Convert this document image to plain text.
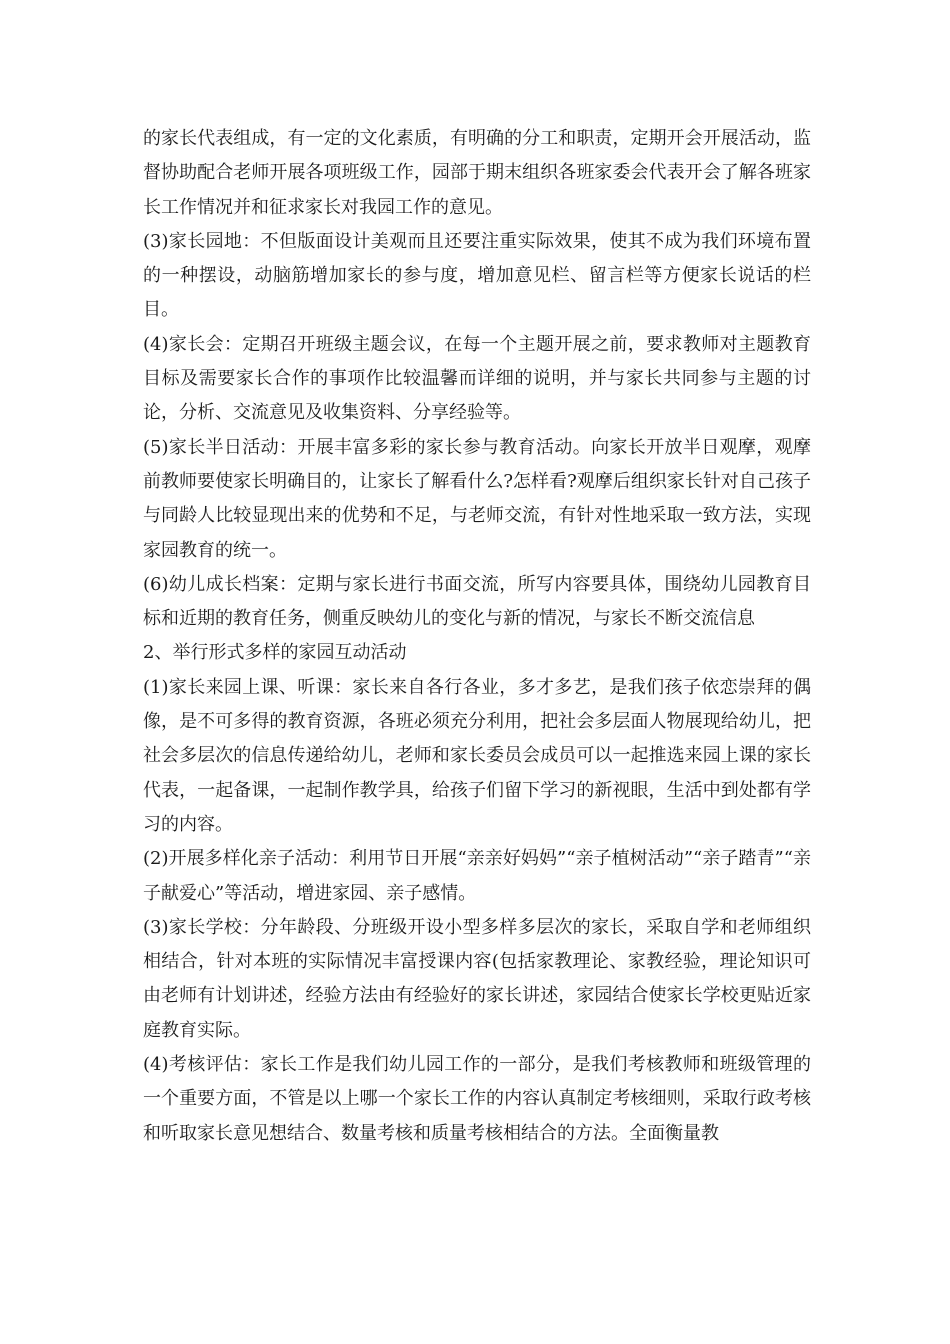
的家长代表组成，有一定的文化素质，有明确的分工和职责，定期开会开展活动，监督协助配合老师开展各项班级工作，园部于期末组织各班家委会代表开会了解各班家长工作情况并和征求家长对我园工作的意见。

(3)家长园地：不但版面设计美观而且还要注重实际效果，使其不成为我们环境布置的一种摆设，动脑筋增加家长的参与度，增加意见栏、留言栏等方便家长说话的栏目。

(4)家长会：定期召开班级主题会议，在每一个主题开展之前，要求教师对主题教育目标及需要家长合作的事项作比较温馨而详细的说明，并与家长共同参与主题的讨论，分析、交流意见及收集资料、分享经验等。

(5)家长半日活动：开展丰富多彩的家长参与教育活动。向家长开放半日观摩，观摩前教师要使家长明确目的，让家长了解看什么?怎样看?观摩后组织家长针对自己孩子与同龄人比较显现出来的优势和不足，与老师交流，有针对性地采取一致方法，实现家园教育的统一。

(6)幼儿成长档案：定期与家长进行书面交流，所写内容要具体，围绕幼儿园教育目标和近期的教育任务，侧重反映幼儿的变化与新的情况，与家长不断交流信息

2、举行形式多样的家园互动活动

(1)家长来园上课、听课：家长来自各行各业，多才多艺，是我们孩子依恋崇拜的偶像，是不可多得的教育资源，各班必须充分利用，把社会多层面人物展现给幼儿，把社会多层次的信息传递给幼儿，老师和家长委员会成员可以一起推选来园上课的家长代表，一起备课，一起制作教学具，给孩子们留下学习的新视眼，生活中到处都有学习的内容。

(2)开展多样化亲子活动：利用节日开展“亲亲好妈妈”“亲子植树活动”“亲子踏青”“亲子献爱心”等活动，增进家园、亲子感情。

(3)家长学校：分年龄段、分班级开设小型多样多层次的家长，采取自学和老师组织相结合，针对本班的实际情况丰富授课内容(包括家教理论、家教经验，理论知识可由老师有计划讲述，经验方法由有经验好的家长讲述，家园结合使家长学校更贴近家庭教育实际。

(4)考核评估：家长工作是我们幼儿园工作的一部分，是我们考核教师和班级管理的一个重要方面，不管是以上哪一个家长工作的内容认真制定考核细则，采取行政考核和听取家长意见想结合、数量考核和质量考核相结合的方法。全面衡量教
